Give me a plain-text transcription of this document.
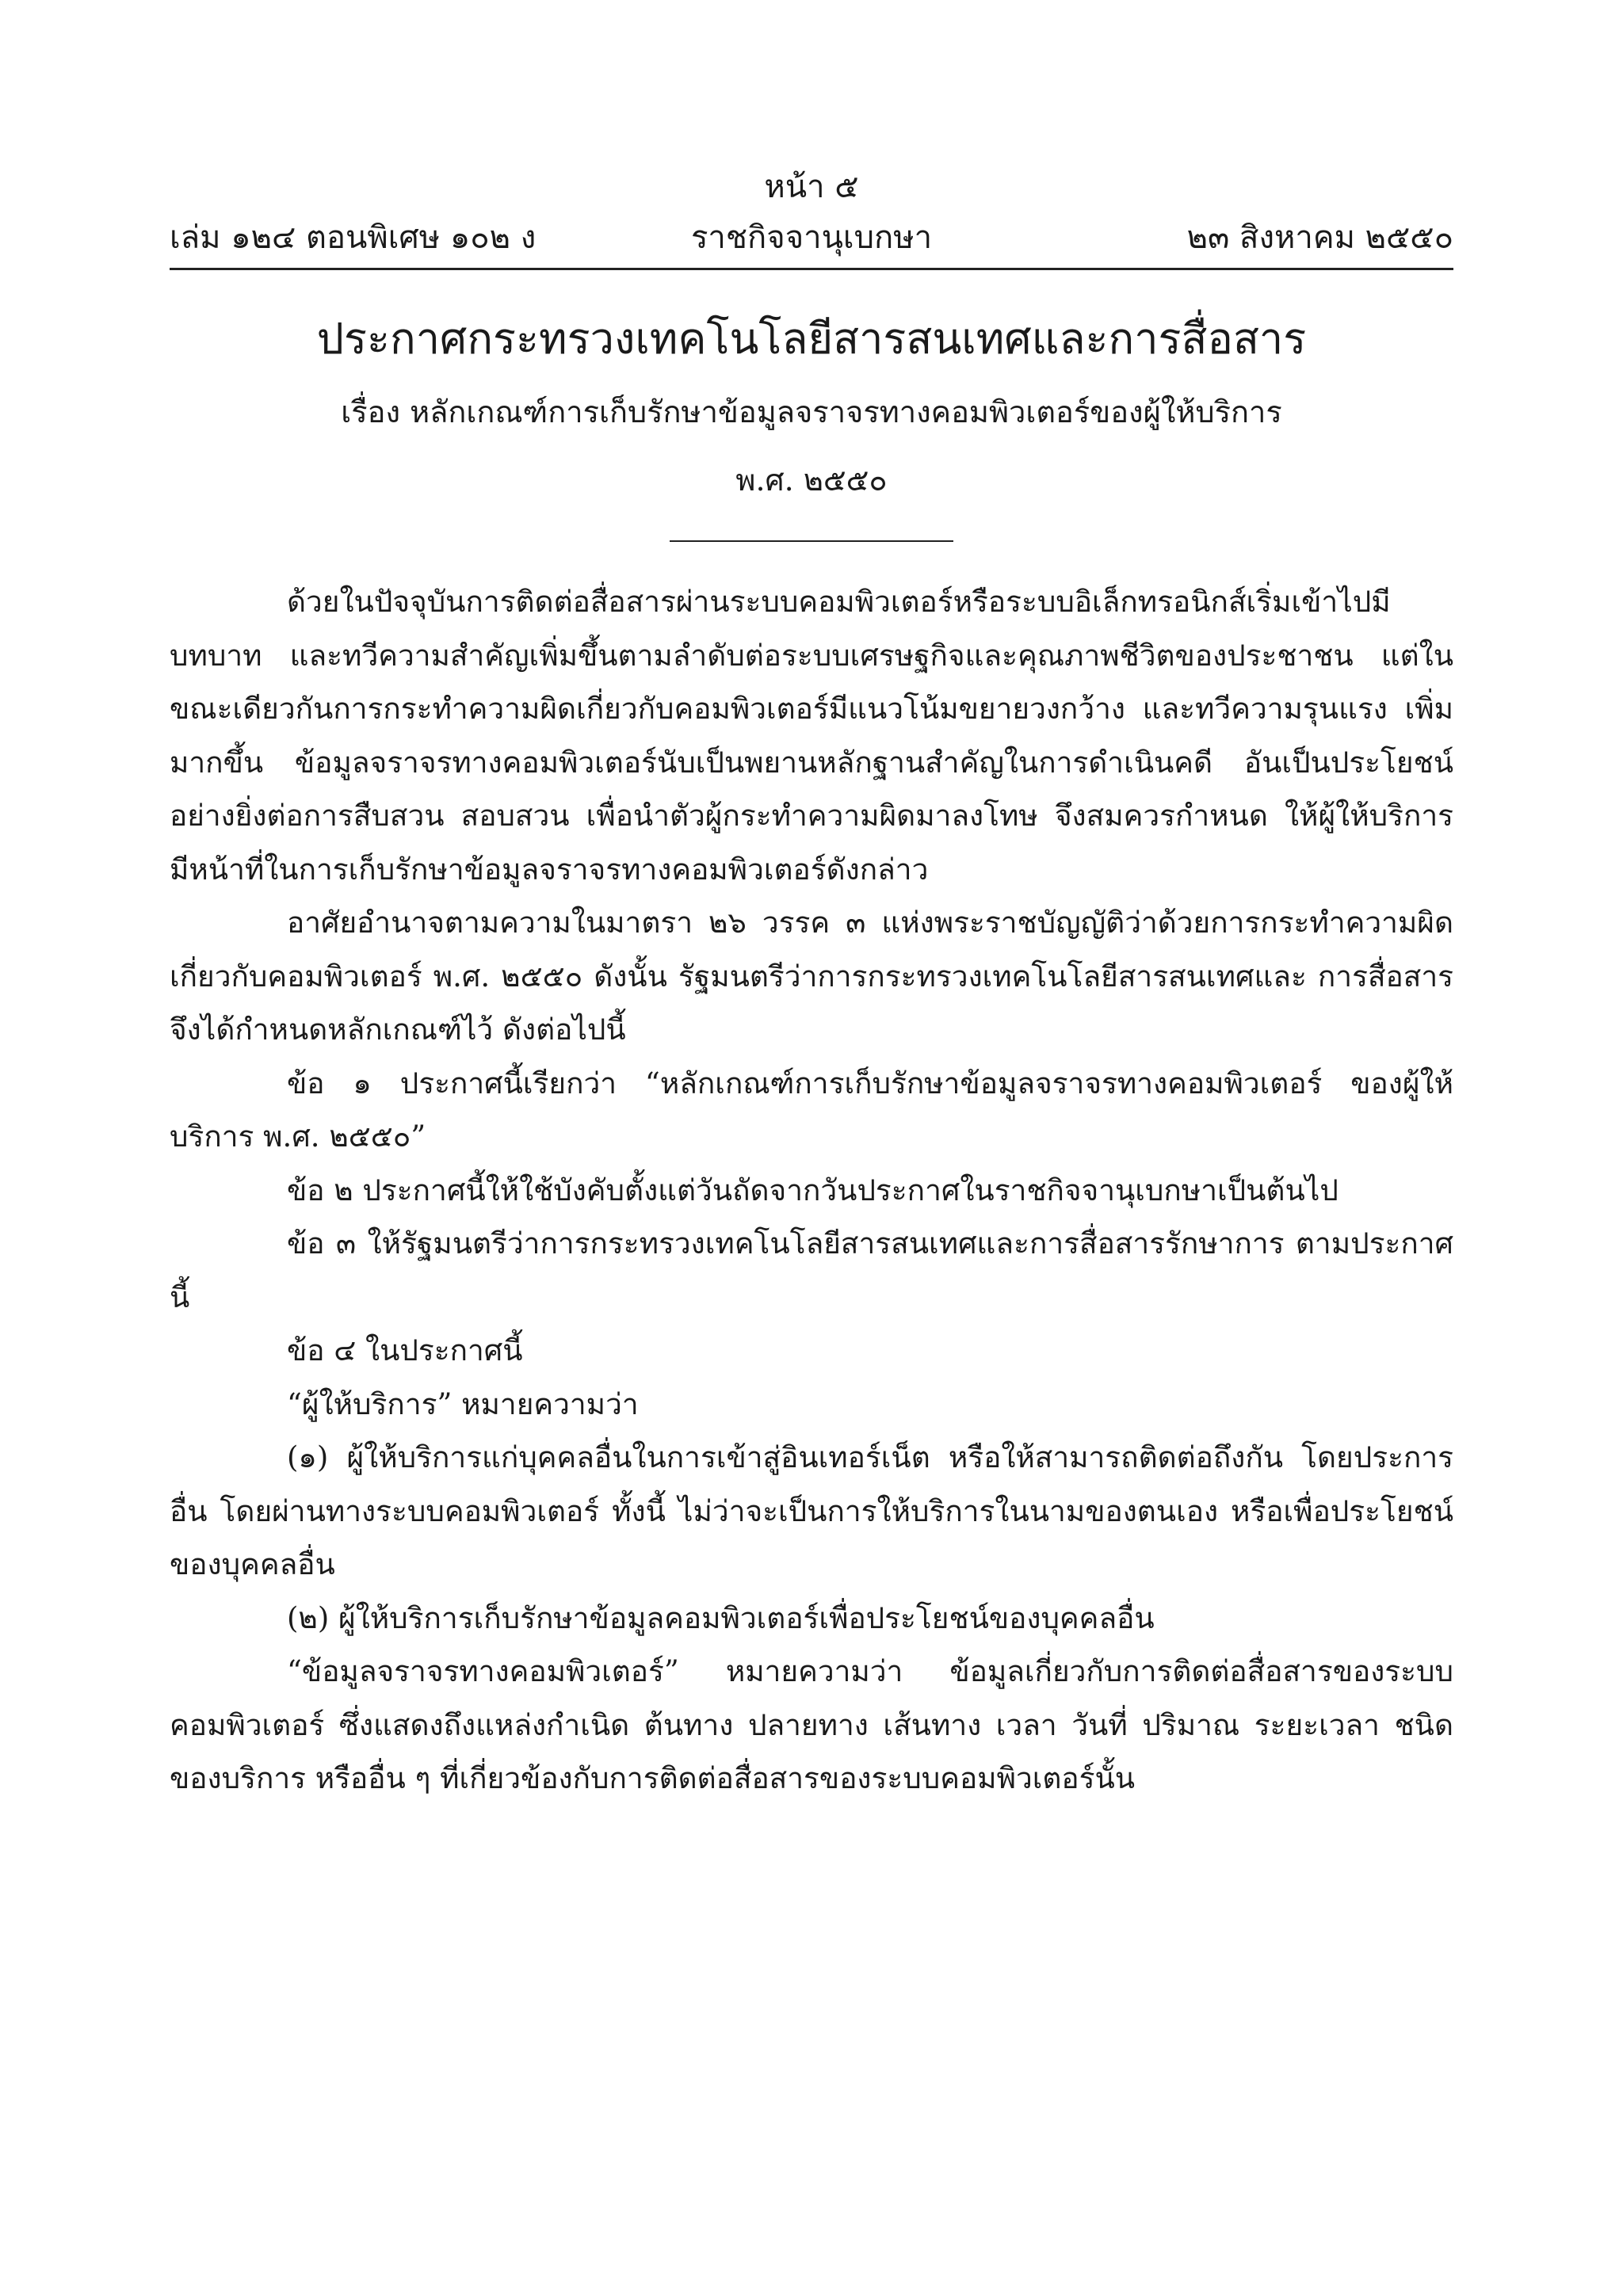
หน้า ๕
เล่ม ๑๒๔ ตอนพิเศษ ๑๐๒ ง	ราชกิจจานุเบกษา	๒๓ สิงหาคม ๒๕๕๐
ประกาศกระทรวงเทคโนโลยีสารสนเทศและการสื่อสาร
เรื่อง หลักเกณฑ์การเก็บรักษาข้อมูลจราจรทางคอมพิวเตอร์ของผู้ให้บริการ
พ.ศ. ๒๕๕๐

ด้วยในปัจจุบันการติดต่อสื่อสารผ่านระบบคอมพิวเตอร์หรือระบบอิเล็กทรอนิกส์เริ่มเข้าไปมีบทบาท และทวีความสำคัญเพิ่มขึ้นตามลำดับต่อระบบเศรษฐกิจและคุณภาพชีวิตของประชาชน แต่ในขณะเดียวกันการกระทำความผิดเกี่ยวกับคอมพิวเตอร์มีแนวโน้มขยายวงกว้าง และทวีความรุนแรง เพิ่มมากขึ้น ข้อมูลจราจรทางคอมพิวเตอร์นับเป็นพยานหลักฐานสำคัญในการดำเนินคดี อันเป็นประโยชน์อย่างยิ่งต่อการสืบสวน สอบสวน เพื่อนำตัวผู้กระทำความผิดมาลงโทษ จึงสมควรกำหนด ให้ผู้ให้บริการมีหน้าที่ในการเก็บรักษาข้อมูลจราจรทางคอมพิวเตอร์ดังกล่าว

อาศัยอำนาจตามความในมาตรา ๒๖ วรรค ๓ แห่งพระราชบัญญัติว่าด้วยการกระทำความผิด เกี่ยวกับคอมพิวเตอร์ พ.ศ. ๒๕๕๐ ดังนั้น รัฐมนตรีว่าการกระทรวงเทคโนโลยีสารสนเทศและ การสื่อสาร จึงได้กำหนดหลักเกณฑ์ไว้ ดังต่อไปนี้

ข้อ ๑ ประกาศนี้เรียกว่า “หลักเกณฑ์การเก็บรักษาข้อมูลจราจรทางคอมพิวเตอร์ ของผู้ให้บริการ พ.ศ. ๒๕๕๐”

ข้อ ๒ ประกาศนี้ให้ใช้บังคับตั้งแต่วันถัดจากวันประกาศในราชกิจจานุเบกษาเป็นต้นไป

ข้อ ๓ ให้รัฐมนตรีว่าการกระทรวงเทคโนโลยีสารสนเทศและการสื่อสารรักษาการ ตามประกาศนี้

ข้อ ๔ ในประกาศนี้

“ผู้ให้บริการ” หมายความว่า

(๑) ผู้ให้บริการแก่บุคคลอื่นในการเข้าสู่อินเทอร์เน็ต หรือให้สามารถติดต่อถึงกัน โดยประการอื่น โดยผ่านทางระบบคอมพิวเตอร์ ทั้งนี้ ไม่ว่าจะเป็นการให้บริการในนามของตนเอง หรือเพื่อประโยชน์ของบุคคลอื่น

(๒) ผู้ให้บริการเก็บรักษาข้อมูลคอมพิวเตอร์เพื่อประโยชน์ของบุคคลอื่น

“ข้อมูลจราจรทางคอมพิวเตอร์” หมายความว่า ข้อมูลเกี่ยวกับการติดต่อสื่อสารของระบบ คอมพิวเตอร์ ซึ่งแสดงถึงแหล่งกำเนิด ต้นทาง ปลายทาง เส้นทาง เวลา วันที่ ปริมาณ ระยะเวลา ชนิดของบริการ หรืออื่น ๆ ที่เกี่ยวข้องกับการติดต่อสื่อสารของระบบคอมพิวเตอร์นั้น
